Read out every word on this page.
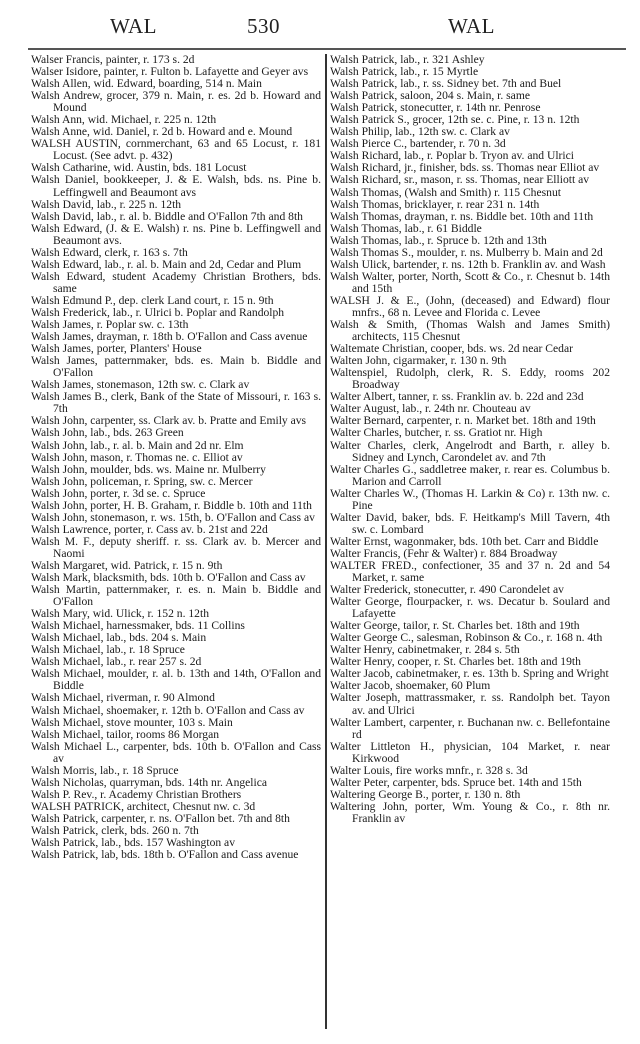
WAL	530	WAL

Walser Francis, painter, r. 173 s. 2d

Walser Isidore, painter, r. Fulton b. Lafayette and Geyer avs

Walsh Allen, wid. Edward, boarding, 514 n. Main

Walsh Andrew, grocer, 379 n. Main, r. es. 2d b. Howard and Mound

Walsh Ann, wid. Michael, r. 225 n. 12th

Walsh Anne, wid. Daniel, r. 2d b. Howard and e. Mound

WALSH AUSTIN, cornmerchant, 63 and 65 Locust, r. 181 Locust. (See advt. p. 432)

Walsh Catharine, wid. Austin, bds. 181 Locust

Walsh Daniel, bookkeeper, J. & E. Walsh, bds. ns. Pine b. Leffingwell and Beaumont avs

Walsh David, lab., r. 225 n. 12th

Walsh David, lab., r. al. b. Biddle and O'Fallon 7th and 8th

Walsh Edward, (J. & E. Walsh) r. ns. Pine b. Leffingwell and Beaumont avs.

Walsh Edward, clerk, r. 163 s. 7th

Walsh Edward, lab., r. al. b. Main and 2d, Cedar and Plum

Walsh Edward, student Academy Christian Brothers, bds. same

Walsh Edmund P., dep. clerk Land court, r. 15 n. 9th

Walsh Frederick, lab., r. Ulrici b. Poplar and Randolph

Walsh James, r. Poplar sw. c. 13th

Walsh James, drayman, r. 18th b. O'Fallon and Cass avenue

Walsh James, porter, Planters' House

Walsh James, patternmaker, bds. es. Main b. Biddle and O'Fallon

Walsh James, stonemason, 12th sw. c. Clark av

Walsh James B., clerk, Bank of the State of Missouri, r. 163 s. 7th

Walsh John, carpenter, ss. Clark av. b. Pratte and Emily avs

Walsh John, lab., bds. 263 Green

Walsh John, lab., r. al. b. Main and 2d nr. Elm

Walsh John, mason, r. Thomas ne. c. Elliot av

Walsh John, moulder, bds. ws. Maine nr. Mulberry

Walsh John, policeman, r. Spring, sw. c. Mercer

Walsh John, porter, r. 3d se. c. Spruce

Walsh John, porter, H. B. Graham, r. Biddle b. 10th and 11th

Walsh John, stonemason, r. ws. 15th, b. O'Fallon and Cass av

Walsh Lawrence, porter, r. Cass av. b. 21st and 22d

Walsh M. F., deputy sheriff. r. ss. Clark av. b. Mercer and Naomi

Walsh Margaret, wid. Patrick, r. 15 n. 9th

Walsh Mark, blacksmith, bds. 10th b. O'Fallon and Cass av

Walsh Martin, patternmaker, r. es. n. Main b. Biddle and O'Fallon

Walsh Mary, wid. Ulick, r. 152 n. 12th

Walsh Michael, harnessmaker, bds. 11 Collins

Walsh Michael, lab., bds. 204 s. Main

Walsh Michael, lab., r. 18 Spruce

Walsh Michael, lab., r. rear 257 s. 2d

Walsh Michael, moulder, r. al. b. 13th and 14th, O'Fallon and Biddle

Walsh Michael, riverman, r. 90 Almond

Walsh Michael, shoemaker, r. 12th b. O'Fallon and Cass av

Walsh Michael, stove mounter, 103 s. Main

Walsh Michael, tailor, rooms 86 Morgan

Walsh Michael L., carpenter, bds. 10th b. O'Fallon and Cass av

Walsh Morris, lab., r. 18 Spruce

Walsh Nicholas, quarryman, bds. 14th nr. Angelica

Walsh P. Rev., r. Academy Christian Brothers

WALSH PATRICK, architect, Chesnut nw. c. 3d

Walsh Patrick, carpenter, r. ns. O'Fallon bet. 7th and 8th

Walsh Patrick, clerk, bds. 260 n. 7th

Walsh Patrick, lab., bds. 157 Washington av

Walsh Patrick, lab, bds. 18th b. O'Fallon and Cass avenue

Walsh Patrick, lab., r. 321 Ashley

Walsh Patrick, lab., r. 15 Myrtle

Walsh Patrick, lab., r. ss. Sidney bet. 7th and Buel

Walsh Patrick, saloon, 204 s. Main, r. same

Walsh Patrick, stonecutter, r. 14th nr. Penrose

Walsh Patrick S., grocer, 12th se. c. Pine, r. 13 n. 12th

Walsh Philip, lab., 12th sw. c. Clark av

Walsh Pierce C., bartender, r. 70 n. 3d

Walsh Richard, lab., r. Poplar b. Tryon av. and Ulrici

Walsh Richard, jr., finisher, bds. ss. Thomas near Elliot av

Walsh Richard, sr., mason, r. ss. Thomas, near Elliott av

Walsh Thomas, (Walsh and Smith) r. 115 Chesnut

Walsh Thomas, bricklayer, r. rear 231 n. 14th

Walsh Thomas, drayman, r. ns. Biddle bet. 10th and 11th

Walsh Thomas, lab., r. 61 Biddle

Walsh Thomas, lab., r. Spruce b. 12th and 13th

Walsh Thomas S., moulder, r. ns. Mulberry b. Main and 2d

Walsh Ulick, bartender, r. ns. 12th b. Franklin av. and Wash

Walsh Walter, porter, North, Scott & Co., r. Chesnut b. 14th and 15th

WALSH J. & E., (John, (deceased) and Edward) flour mnfrs., 68 n. Levee and Florida c. Levee

Walsh & Smith, (Thomas Walsh and James Smith) architects, 115 Chesnut

Waltemate Christian, cooper, bds. ws. 2d near Cedar

Walten John, cigarmaker, r. 130 n. 9th

Waltenspiel, Rudolph, clerk, R. S. Eddy, rooms 202 Broadway

Walter Albert, tanner, r. ss. Franklin av. b. 22d and 23d

Walter August, lab., r. 24th nr. Chouteau av

Walter Bernard, carpenter, r. n. Market bet. 18th and 19th

Walter Charles, butcher, r. ss. Gratiot nr. High

Walter Charles, clerk, Angelrodt and Barth, r. alley b. Sidney and Lynch, Carondelet av. and 7th

Walter Charles G., saddletree maker, r. rear es. Columbus b. Marion and Carroll

Walter Charles W., (Thomas H. Larkin & Co) r. 13th nw. c. Pine

Walter David, baker, bds. F. Heitkamp's Mill Tavern, 4th sw. c. Lombard

Walter Ernst, wagonmaker, bds. 10th bet. Carr and Biddle

Walter Francis, (Fehr & Walter) r. 884 Broadway

WALTER FRED., confectioner, 35 and 37 n. 2d and 54 Market, r. same

Walter Frederick, stonecutter, r. 490 Carondelet av

Walter George, flourpacker, r. ws. Decatur b. Soulard and Lafayette

Walter George, tailor, r. St. Charles bet. 18th and 19th

Walter George C., salesman, Robinson & Co., r. 168 n. 4th

Walter Henry, cabinetmaker, r. 284 s. 5th

Walter Henry, cooper, r. St. Charles bet. 18th and 19th

Walter Jacob, cabinetmaker, r. es. 13th b. Spring and Wright

Walter Jacob, shoemaker, 60 Plum

Walter Joseph, mattrassmaker, r. ss. Randolph bet. Tayon av. and Ulrici

Walter Lambert, carpenter, r. Buchanan nw. c. Bellefontaine rd

Walter Littleton H., physician, 104 Market, r. near Kirkwood

Walter Louis, fire works mnfr., r. 328 s. 3d

Walter Peter, carpenter, bds. Spruce bet. 14th and 15th

Waltering George B., porter, r. 130 n. 8th

Waltering John, porter, Wm. Young & Co., r. 8th nr. Franklin av
